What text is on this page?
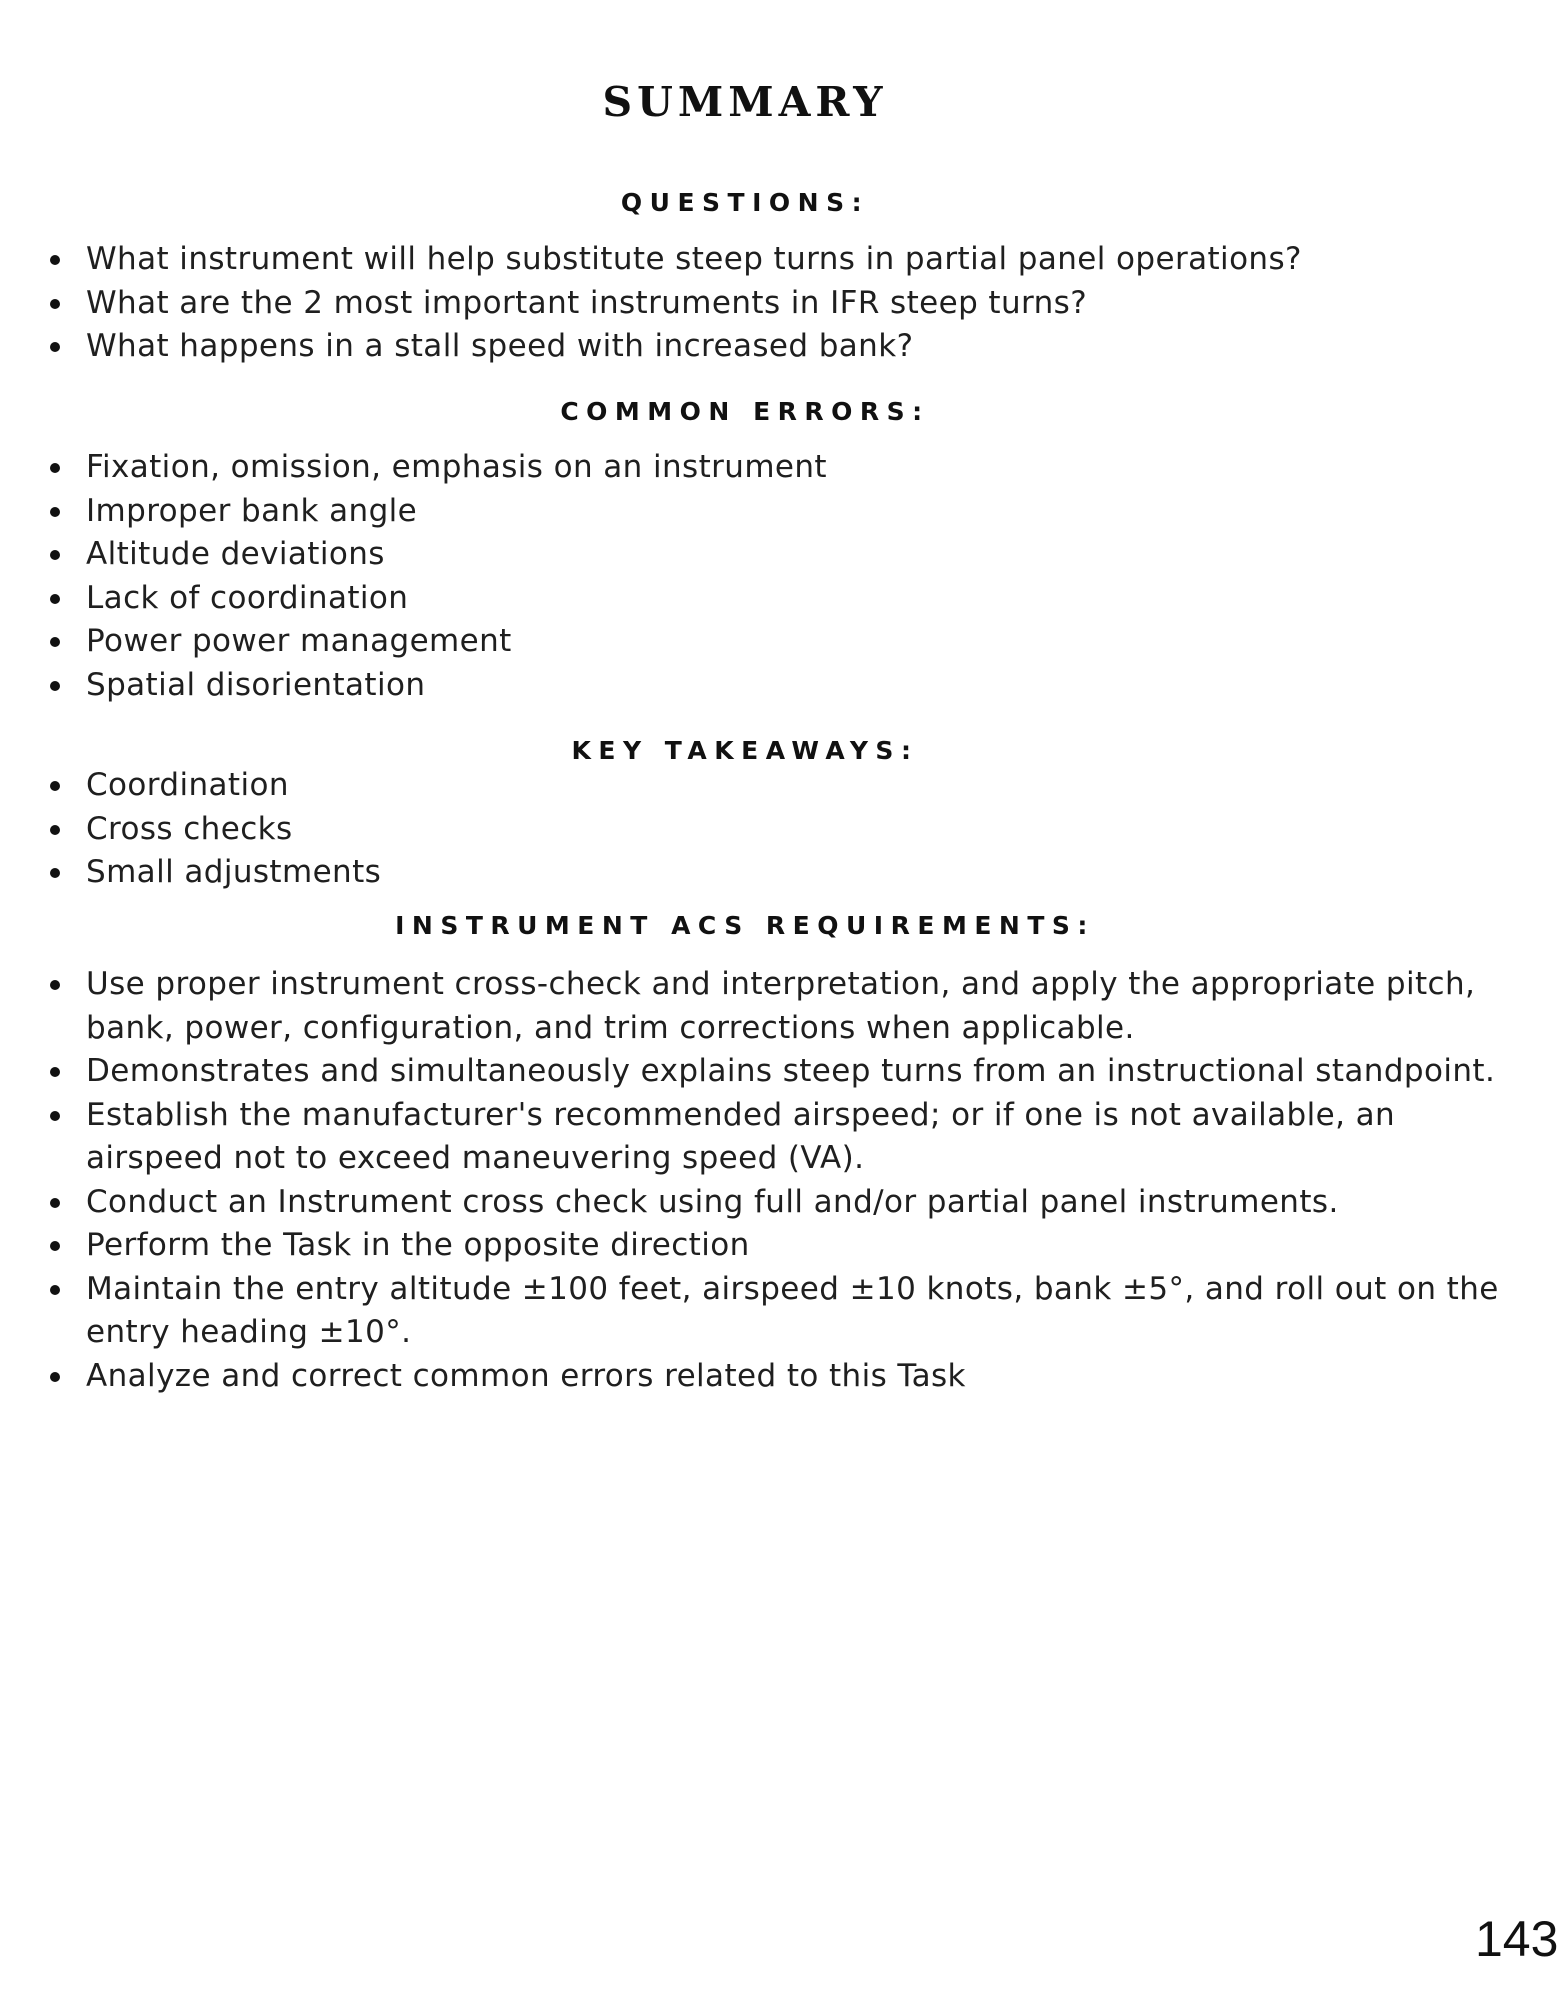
SUMMARY
QUESTIONS:
What instrument will help substitute steep turns in partial panel operations?
What are the 2 most important instruments in IFR steep turns?
What happens in a stall speed with increased bank?
COMMON ERRORS:
Fixation, omission, emphasis on an instrument
Improper bank angle
Altitude deviations
Lack of coordination
Power power management
Spatial disorientation
KEY TAKEAWAYS:
Coordination
Cross checks
Small adjustments
INSTRUMENT ACS REQUIREMENTS:
Use proper instrument cross-check and interpretation, and apply the appropriate pitch, bank, power, configuration, and trim corrections when applicable.
Demonstrates and simultaneously explains steep turns from an instructional standpoint.
Establish the manufacturer's recommended airspeed; or if one is not available, an airspeed not to exceed maneuvering speed (VA).
Conduct an Instrument cross check using full and/or partial panel instruments.
Perform the Task in the opposite direction
Maintain the entry altitude ±100 feet, airspeed ±10 knots, bank ±5°, and roll out on the entry heading ±10°.
Analyze and correct common errors related to this Task
143
